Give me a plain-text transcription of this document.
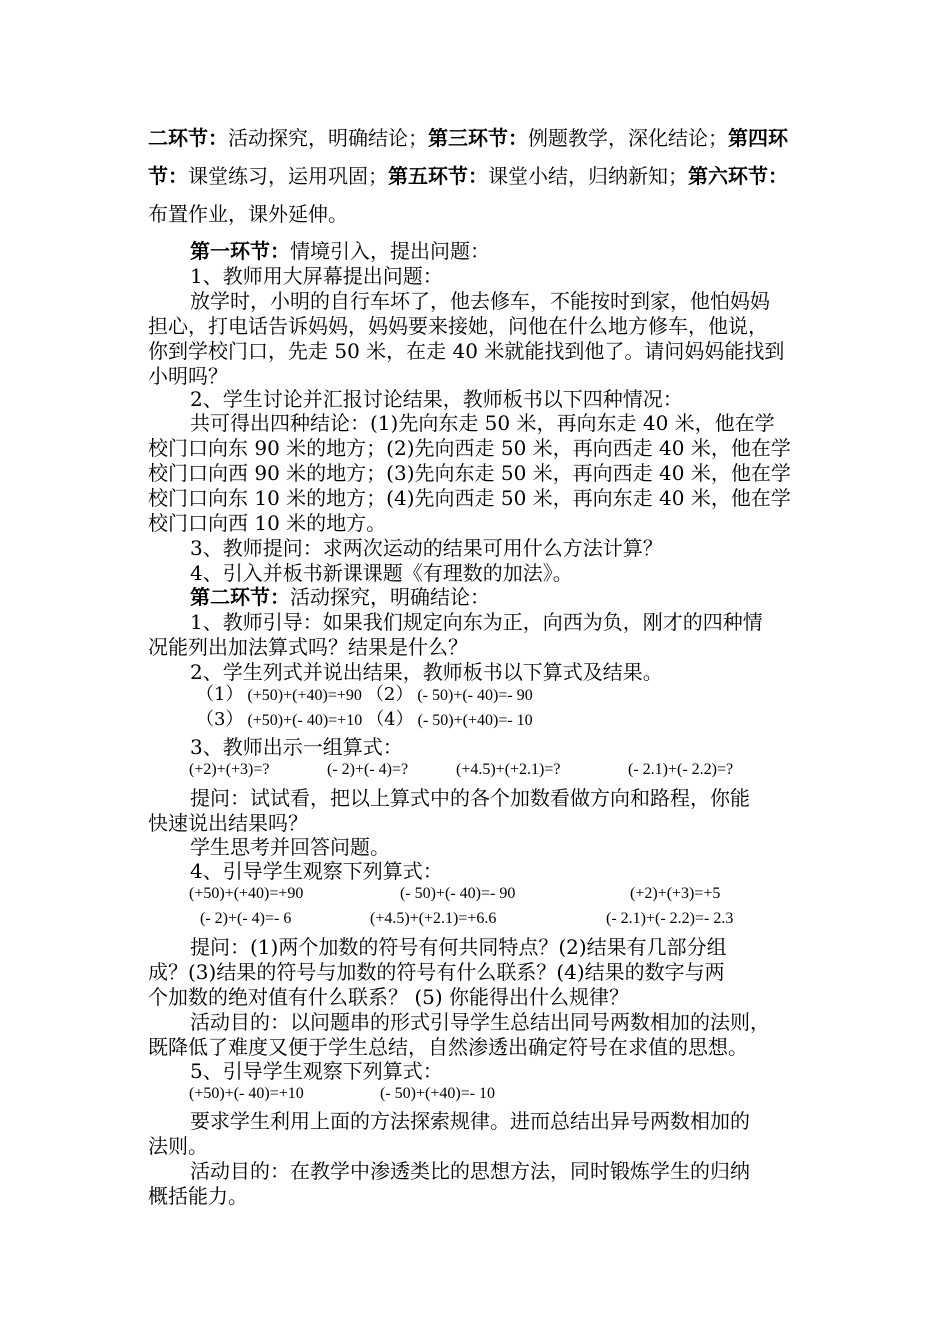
二环节：活动探究，明确结论；第三环节：例题教学，深化结论；第四环
节：课堂练习，运用巩固；第五环节：课堂小结，归纳新知；第六环节：
布置作业，课外延伸。
第一环节：情境引入，提出问题：
1、教师用大屏幕提出问题：
放学时，小明的自行车坏了，他去修车，不能按时到家，他怕妈妈
担心，打电话告诉妈妈，妈妈要来接她，问他在什么地方修车，他说，
你到学校门口，先走 50 米，在走 40 米就能找到他了。请问妈妈能找到
小明吗？
2、学生讨论并汇报讨论结果，教师板书以下四种情况：
共可得出四种结论：(1)先向东走 50 米，再向东走 40 米，他在学
校门口向东 90 米的地方；(2)先向西走 50 米，再向西走 40 米，他在学
校门口向西 90 米的地方；(3)先向东走 50 米，再向西走 40 米，他在学
校门口向东 10 米的地方；(4)先向西走 50 米，再向东走 40 米，他在学
校门口向西 10 米的地方。
3、教师提问：求两次运动的结果可用什么方法计算？
4、引入并板书新课课题《有理数的加法》。
第二环节：活动探究，明确结论：
1、教师引导：如果我们规定向东为正，向西为负，刚才的四种情
况能列出加法算式吗？结果是什么？
2、学生列式并说出结果，教师板书以下算式及结果。
（1） (+50)+(+40)=+90 （2） (- 50)+(- 40)=- 90
（3） (+50)+(- 40)=+10 （4） (- 50)+(+40)=- 10
3、教师出示一组算式：
(+2)+(+3)=?	(- 2)+(- 4)=?	(+4.5)+(+2.1)=?	(- 2.1)+(- 2.2)=?
提问：试试看，把以上算式中的各个加数看做方向和路程，你能
快速说出结果吗？
学生思考并回答问题。
4、引导学生观察下列算式：
(+50)+(+40)=+90	(- 50)+(- 40)=- 90	(+2)+(+3)=+5
(- 2)+(- 4)=- 6	(+4.5)+(+2.1)=+6.6	(- 2.1)+(- 2.2)=- 2.3
提问：(1)两个加数的符号有何共同特点？(2)结果有几部分组
成？(3)结果的符号与加数的符号有什么联系？(4)结果的数字与两
个加数的绝对值有什么联系？ (5) 你能得出什么规律？
活动目的：以问题串的形式引导学生总结出同号两数相加的法则，
既降低了难度又便于学生总结，自然渗透出确定符号在求值的思想。
5、引导学生观察下列算式：
(+50)+(- 40)=+10	(- 50)+(+40)=- 10
要求学生利用上面的方法探索规律。进而总结出异号两数相加的
法则。
活动目的：在教学中渗透类比的思想方法，同时锻炼学生的归纳
概括能力。
